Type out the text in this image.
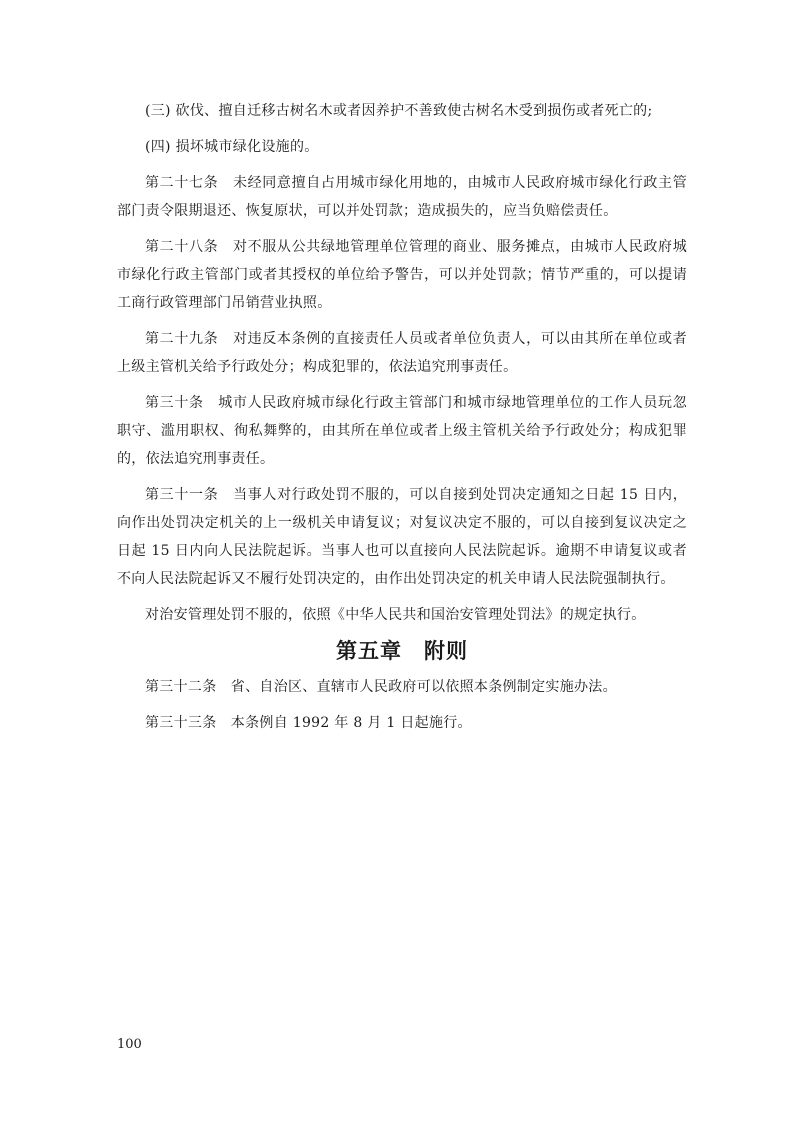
(三) 砍伐、擅自迁移古树名木或者因养护不善致使古树名木受到损伤或者死亡的;

(四) 损坏城市绿化设施的。

第二十七条　未经同意擅自占用城市绿化用地的，由城市人民政府城市绿化行政主管部门责令限期退还、恢复原状，可以并处罚款；造成损失的，应当负赔偿责任。

第二十八条　对不服从公共绿地管理单位管理的商业、服务摊点，由城市人民政府城市绿化行政主管部门或者其授权的单位给予警告，可以并处罚款；情节严重的，可以提请工商行政管理部门吊销营业执照。

第二十九条　对违反本条例的直接责任人员或者单位负责人，可以由其所在单位或者上级主管机关给予行政处分；构成犯罪的，依法追究刑事责任。

第三十条　城市人民政府城市绿化行政主管部门和城市绿地管理单位的工作人员玩忽职守、滥用职权、徇私舞弊的，由其所在单位或者上级主管机关给予行政处分；构成犯罪的，依法追究刑事责任。

第三十一条　当事人对行政处罚不服的，可以自接到处罚决定通知之日起 15 日内，向作出处罚决定机关的上一级机关申请复议；对复议决定不服的，可以自接到复议决定之日起 15 日内向人民法院起诉。当事人也可以直接向人民法院起诉。逾期不申请复议或者不向人民法院起诉又不履行处罚决定的，由作出处罚决定的机关申请人民法院强制执行。

对治安管理处罚不服的，依照《中华人民共和国治安管理处罚法》的规定执行。

第五章　附则

第三十二条　省、自治区、直辖市人民政府可以依照本条例制定实施办法。

第三十三条　本条例自 1992 年 8 月 1 日起施行。

100
